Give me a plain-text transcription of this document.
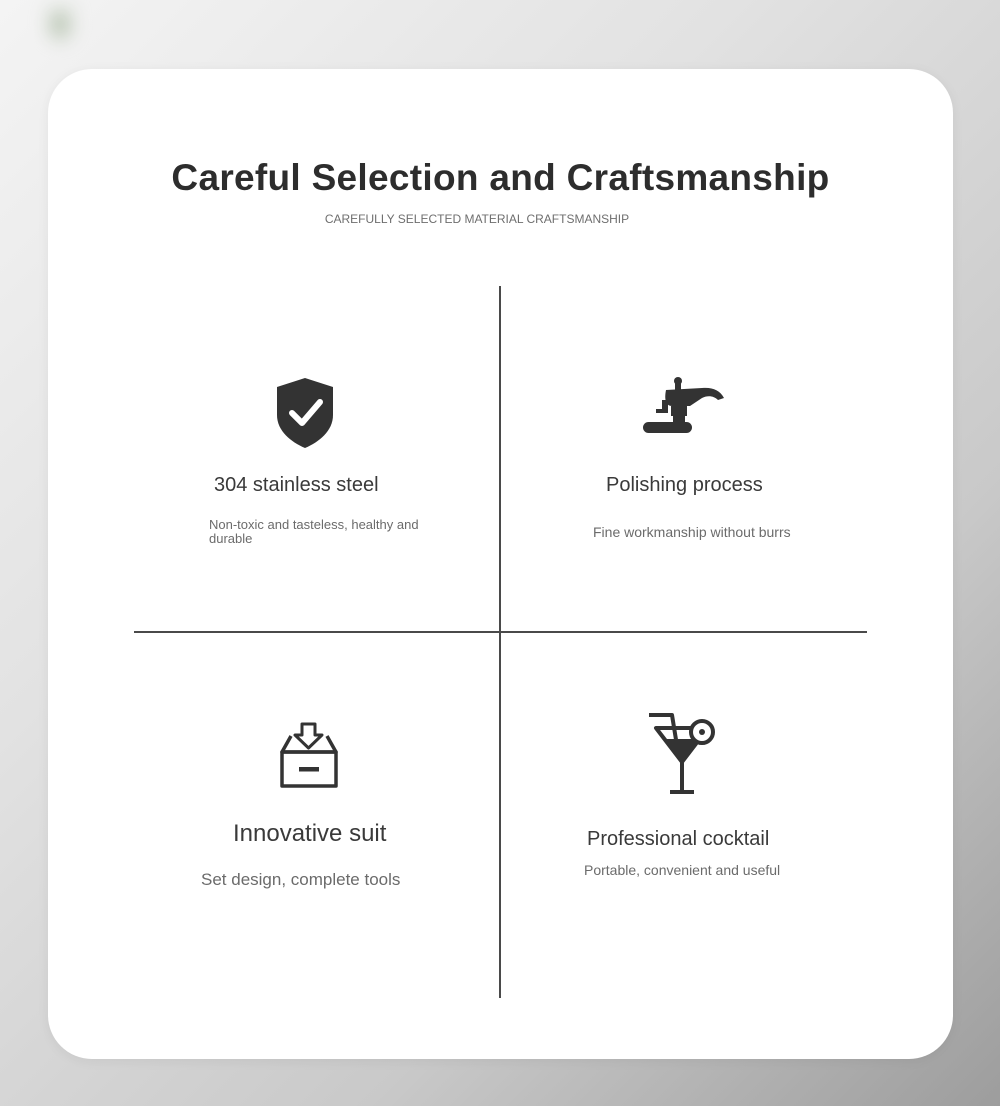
Careful Selection and Craftsmanship
CAREFULLY SELECTED MATERIAL CRAFTSMANSHIP
304 stainless steel
Non-toxic and tasteless, healthy and durable
Polishing process
Fine workmanship without burrs
Innovative suit
Set design, complete tools
Professional cocktail
Portable, convenient and useful
